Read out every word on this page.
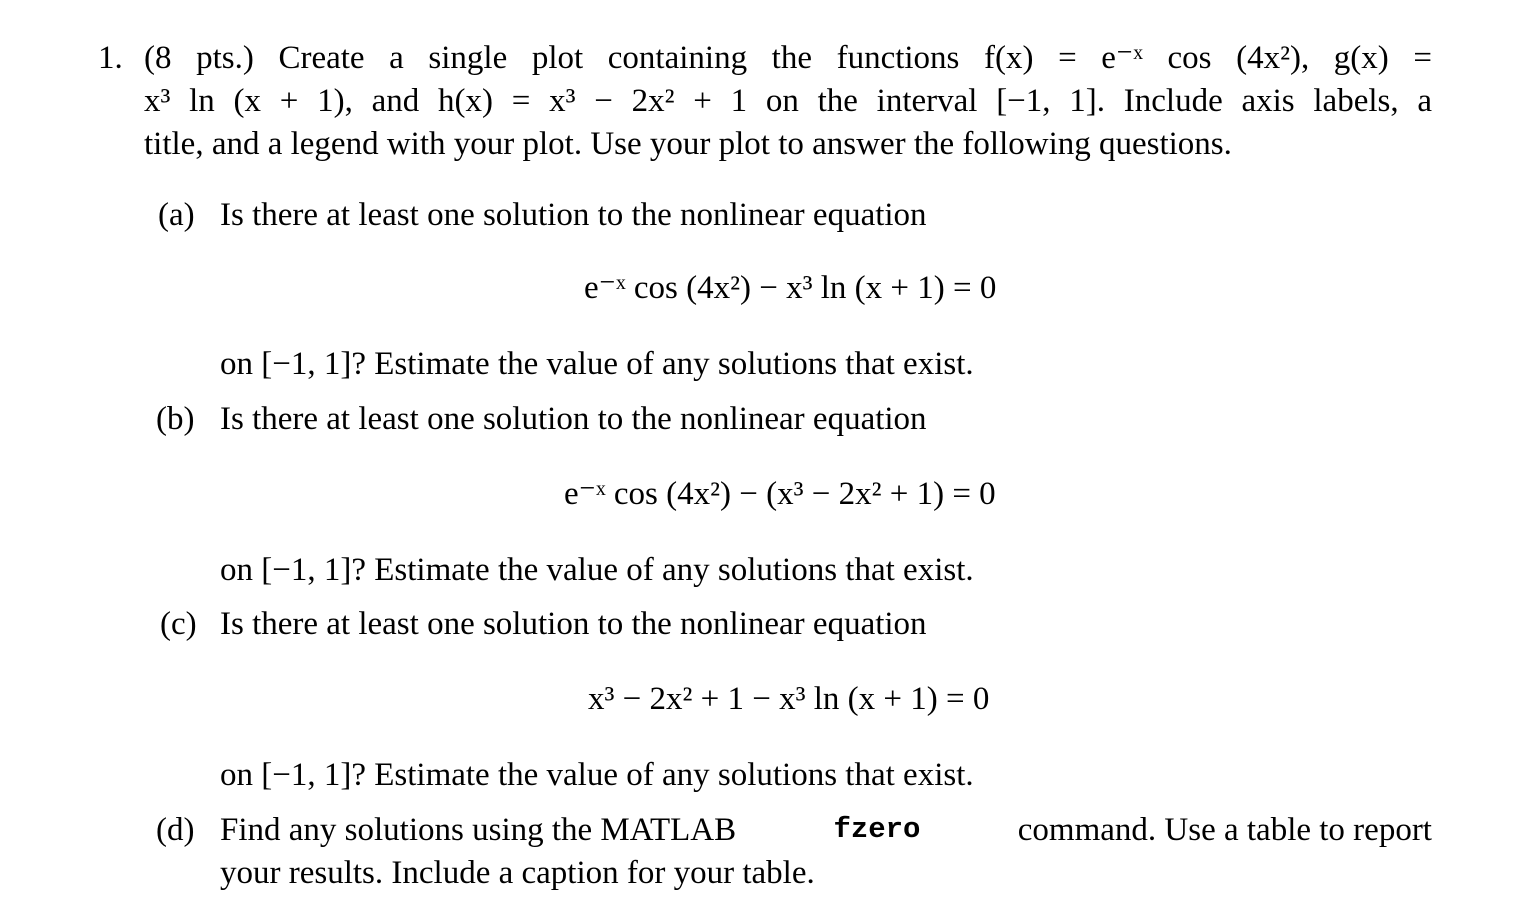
1. (8 pts.) Create a single plot containing the functions f(x) = e⁻ˣ cos (4x²), g(x) =
x³ ln (x + 1), and h(x) = x³ − 2x² + 1 on the interval [−1, 1]. Include axis labels, a
title, and a legend with your plot. Use your plot to answer the following questions.
(a) Is there at least one solution to the nonlinear equation
e⁻ˣ cos (4x²) − x³ ln (x + 1) = 0
on [−1, 1]? Estimate the value of any solutions that exist.
(b) Is there at least one solution to the nonlinear equation
e⁻ˣ cos (4x²) − (x³ − 2x² + 1) = 0
on [−1, 1]? Estimate the value of any solutions that exist.
(c) Is there at least one solution to the nonlinear equation
x³ − 2x² + 1 − x³ ln (x + 1) = 0
on [−1, 1]? Estimate the value of any solutions that exist.
(d) Find any solutions using the MATLAB	fzero	command. Use a table to report
your results. Include a caption for your table.
